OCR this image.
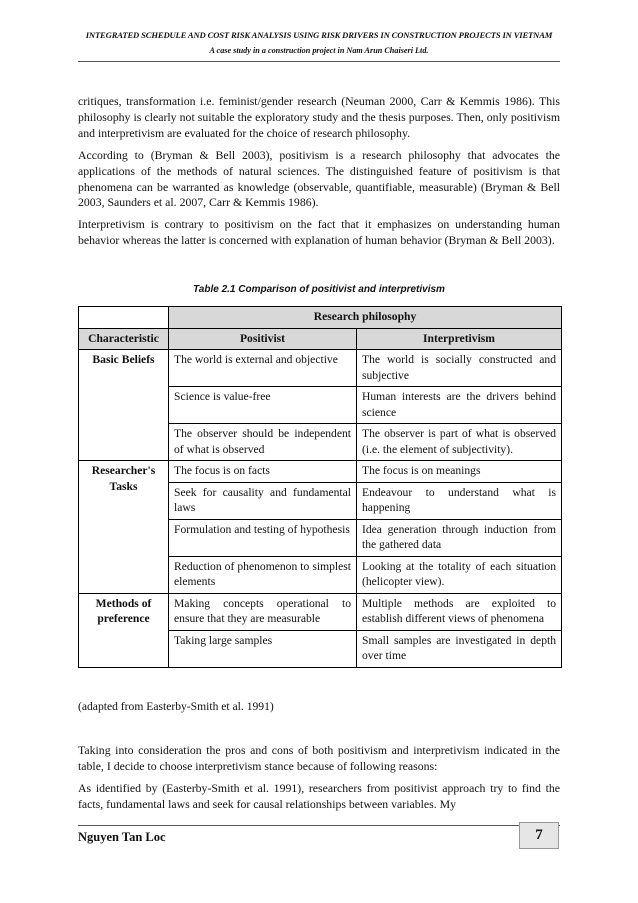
INTEGRATED SCHEDULE AND COST RISK ANALYSIS USING RISK DRIVERS IN CONSTRUCTION PROJECTS IN VIETNAM
A case study in a construction project in Nam Arun Chaiseri Ltd.

critiques, transformation i.e. feminist/gender research (Neuman 2000, Carr & Kemmis 1986). This philosophy is clearly not suitable the exploratory study and the thesis purposes. Then, only positivism and interpretivism are evaluated for the choice of research philosophy.

According to (Bryman & Bell 2003), positivism is a research philosophy that advocates the applications of the methods of natural sciences. The distinguished feature of positivism is that phenomena can be warranted as knowledge (observable, quantifiable, measurable) (Bryman & Bell 2003, Saunders et al. 2007, Carr & Kemmis 1986).

Interpretivism is contrary to positivism on the fact that it emphasizes on understanding human behavior whereas the latter is concerned with explanation of human behavior (Bryman & Bell 2003).

Table 2.1 Comparison of positivist and interpretivism
	Research philosophy	
Characteristic	Positivist	Interpretivism
Basic Beliefs	The world is external and objective	The world is socially constructed and subjective
	Science is value-free	Human interests are the drivers behind science
	The observer should be independent of what is observed	The observer is part of what is observed (i.e. the element of subjectivity).
Researcher's Tasks	The focus is on facts	The focus is on meanings
	Seek for causality and fundamental laws	Endeavour to understand what is happening
	Formulation and testing of hypothesis	Idea generation through induction from the gathered data
	Reduction of phenomenon to simplest elements	Looking at the totality of each situation (helicopter view).
Methods of preference	Making concepts operational to ensure that they are measurable	Multiple methods are exploited to establish different views of phenomena
	Taking large samples	Small samples are investigated in depth over time
(adapted from Easterby-Smith et al. 1991)

Taking into consideration the pros and cons of both positivism and interpretivism indicated in the table, I decide to choose interpretivism stance because of following reasons:

As identified by (Easterby-Smith et al. 1991), researchers from positivist approach try to find the facts, fundamental laws and seek for causal relationships between variables. My

Nguyen Tan Loc	7
